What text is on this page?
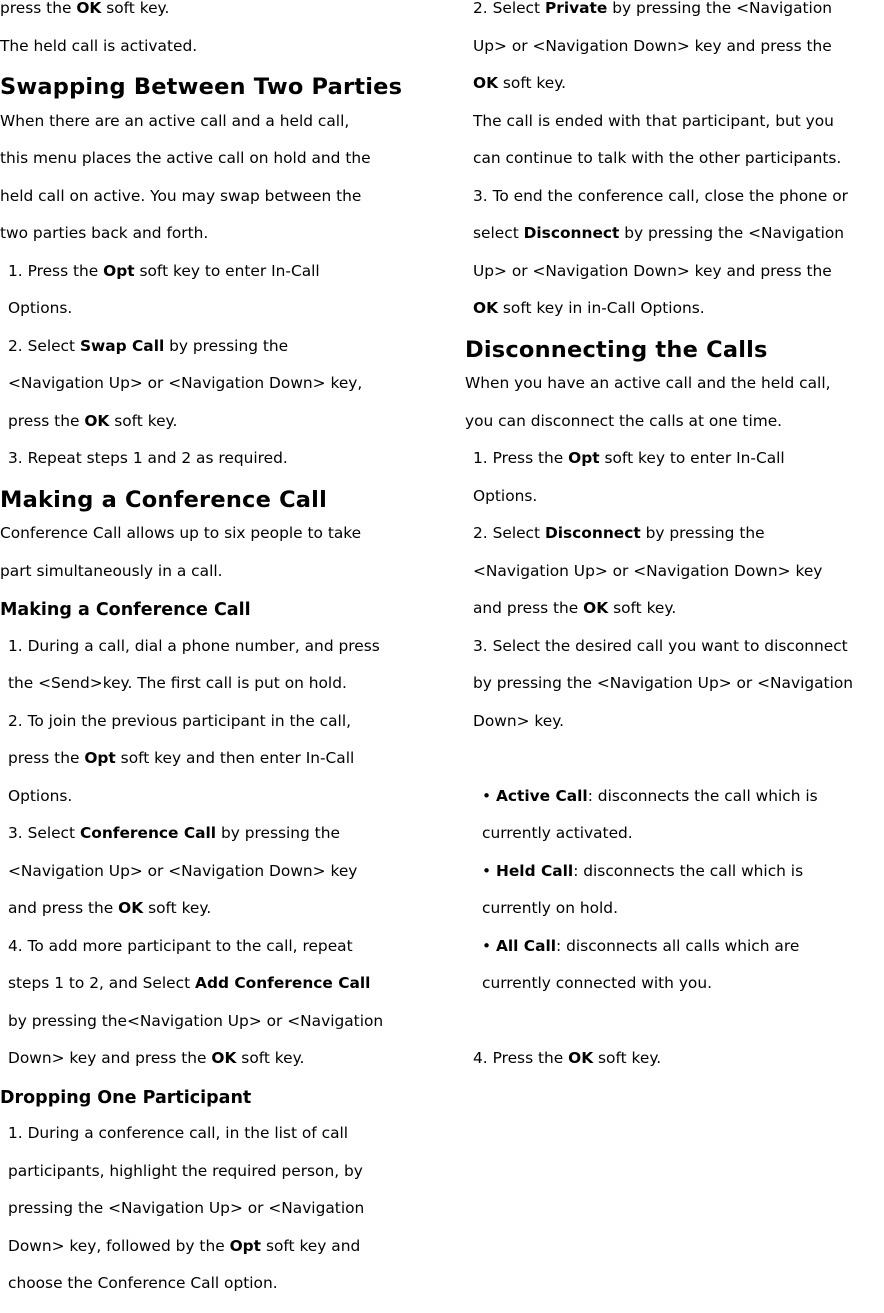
press the OK soft key.
The held call is activated.
Swapping Between Two Parties
When there are an active call and a held call,
this menu places the active call on hold and the
held call on active. You may swap between the
two parties back and forth.
1. Press the Opt soft key to enter In-Call
Options.
2. Select Swap Call by pressing the
<Navigation Up> or <Navigation Down> key,
press the OK soft key.
3. Repeat steps 1 and 2 as required.
Making a Conference Call
Conference Call allows up to six people to take
part simultaneously in a call.
Making a Conference Call
1. During a call, dial a phone number, and press
the <Send>key. The first call is put on hold.
2. To join the previous participant in the call,
press the Opt soft key and then enter In-Call
Options.
3. Select Conference Call by pressing the
<Navigation Up> or <Navigation Down> key
and press the OK soft key.
4. To add more participant to the call, repeat
steps 1 to 2, and Select Add Conference Call
by pressing the<Navigation Up> or <Navigation
Down> key and press the OK soft key.
Dropping One Participant
1. During a conference call, in the list of call
participants, highlight the required person, by
pressing the <Navigation Up> or <Navigation
Down> key, followed by the Opt soft key and
choose the Conference Call option.
2. Select Private by pressing the <Navigation
Up> or <Navigation Down> key and press the
OK soft key.
The call is ended with that participant, but you
can continue to talk with the other participants.
3. To end the conference call, close the phone or
select Disconnect by pressing the <Navigation
Up> or <Navigation Down> key and press the
OK soft key in in-Call Options.
Disconnecting the Calls
When you have an active call and the held call,
you can disconnect the calls at one time.
1. Press the Opt soft key to enter In-Call
Options.
2. Select Disconnect by pressing the
<Navigation Up> or <Navigation Down> key
and press the OK soft key.
3. Select the desired call you want to disconnect
by pressing the <Navigation Up> or <Navigation
Down> key.
• Active Call: disconnects the call which is
currently activated.
• Held Call: disconnects the call which is
currently on hold.
• All Call: disconnects all calls which are
currently connected with you.
4. Press the OK soft key.
